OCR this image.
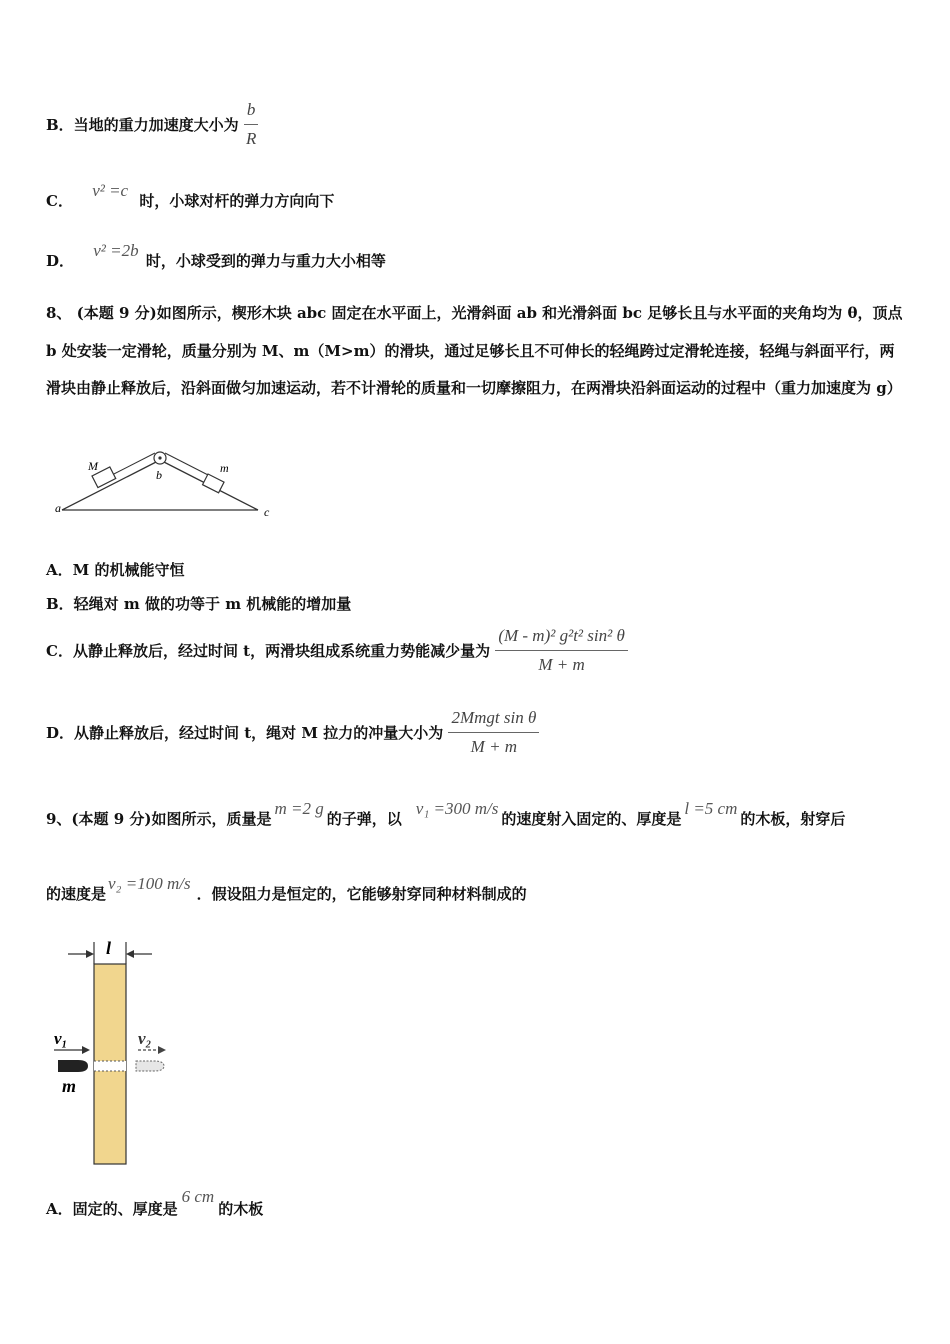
B．当地的重力加速度大小为 $\frac{b}{R}$
C． v² =c 时，小球对杆的弹力方向向下
D． v² =2b 时，小球受到的弹力与重力大小相等
8、 (本题 9 分)如图所示，楔形木块 abc 固定在水平面上，光滑斜面 ab 和光滑斜面 bc 足够长且与水平面的夹角均为 θ，顶点 b 处安装一定滑轮，质量分别为 M、m（M>m）的滑块，通过足够长且不可伸长的轻绳跨过定滑轮连接，轻绳与斜面平行，两滑块由静止释放后，沿斜面做匀加速运动，若不计滑轮的质量和一切摩擦阻力，在两滑块沿斜面运动的过程中（重力加速度为 g）
M	m
a
b
c
A．M 的机械能守恒
B．轻绳对 m 做的功等于 m 机械能的增加量
C．从静止释放后，经过时间 t，两滑块组成系统重力势能减少量为 $\frac{\text{(M - m)² g²t² sin² θ}}{M + m}$
D．从静止释放后，经过时间 t，绳对 M 拉力的冲量大小为 $\frac{\text{2Mmgt sin θ}}{M + m}$
9、(本题 9 分)如图所示，质量是m =2 g的子弹，以v₁ =300 m/s的速度射入固定的、厚度是l =5 cm的木板，射穿后
的速度是v₂ =100 m/s．假设阻力是恒定的，它能够射穿同种材料制成的
l
v₁
m
v₂
A．固定的、厚度是6 cm的木板
